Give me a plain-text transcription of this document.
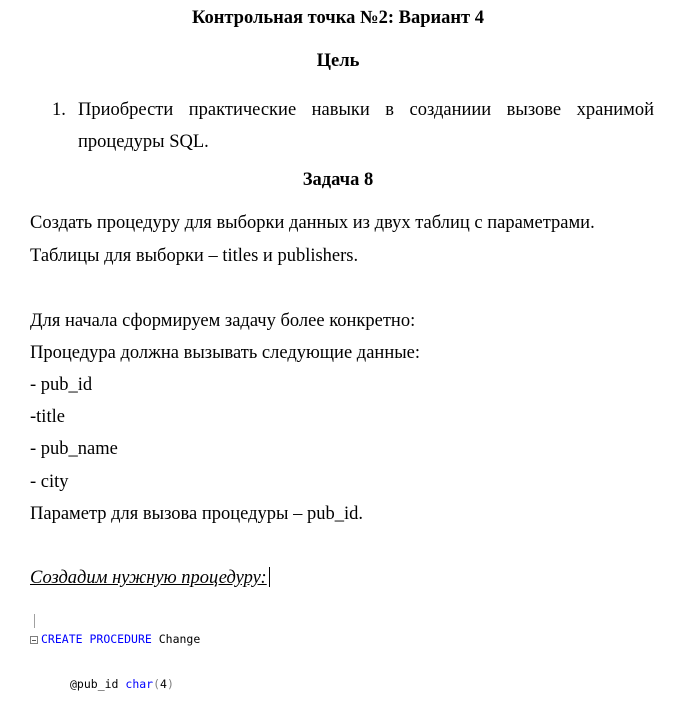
Контрольная точка №2: Вариант 4
Цель
1. Приобрести практические навыки в созданиии вызове хранимой
процедуры SQL.
Задача 8
Создать процедуру для выборки данных из двух таблиц с параметрами.
Таблицы для выборки – titles и publishers.
Для начала сформируем задачу более конкретно:
Процедура должна вызывать следующие данные:
- pub_id
-title
- pub_name
- city
Параметр для вызова процедуры – pub_id.
Создадим нужную процедуру:

CREATE PROCEDURE Change

@pub_id char(4)
